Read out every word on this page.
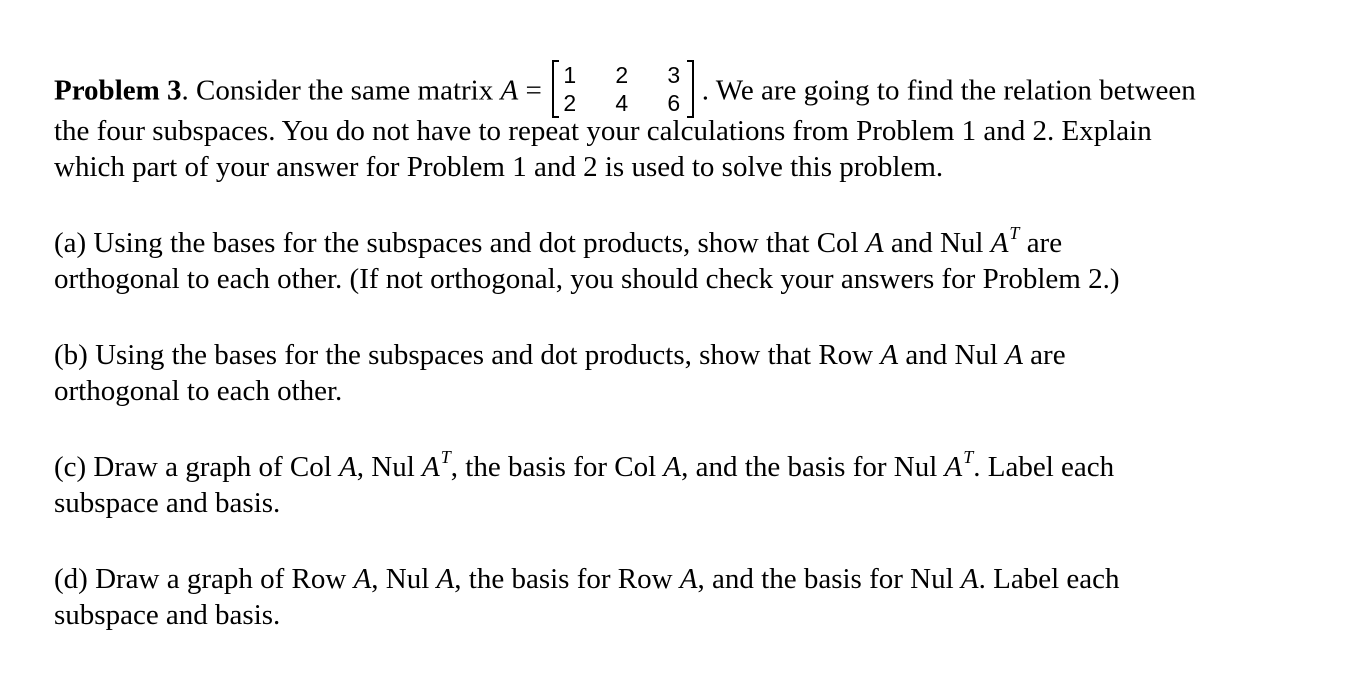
Problem 3. Consider the same matrix A = 1 2 3
2 4 6 . We are going to find the relation between
the four subspaces. You do not have to repeat your calculations from Problem 1 and 2. Explain
which part of your answer for Problem 1 and 2 is used to solve this problem.
(a) Using the bases for the subspaces and dot products, show that Col A and Nul $A^T$ are
orthogonal to each other. (If not orthogonal, you should check your answers for Problem 2.)
(b) Using the bases for the subspaces and dot products, show that Row A and Nul A are
orthogonal to each other.
(c) Draw a graph of Col A, Nul $A^T$, the basis for Col A, and the basis for Nul $A^T$. Label each
subspace and basis.
(d) Draw a graph of Row A, Nul A, the basis for Row A, and the basis for Nul A. Label each
subspace and basis.
